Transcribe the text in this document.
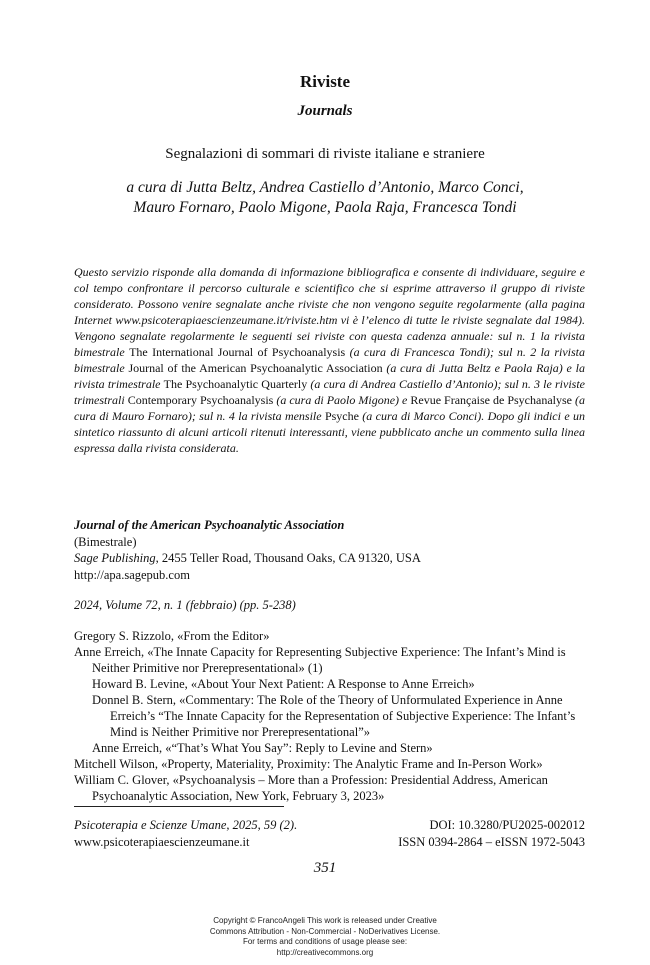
Riviste
Journals
Segnalazioni di sommari di riviste italiane e straniere
a cura di Jutta Beltz, Andrea Castiello d’Antonio, Marco Conci,
Mauro Fornaro, Paolo Migone, Paola Raja, Francesca Tondi
Questo servizio risponde alla domanda di informazione bibliografica e consente di individuare, seguire e col tempo confrontare il percorso culturale e scientifico che si esprime attraverso il gruppo di riviste considerato. Possono venire segnalate anche riviste che non vengono seguite regolarmente (alla pagina Internet www.psicoterapiaescienzeumane.it/riviste.htm vi è l’elenco di tutte le riviste segnalate dal 1984). Vengono segnalate regolarmente le seguenti sei riviste con questa cadenza annuale: sul n. 1 la rivista bimestrale The International Journal of Psychoanalysis (a cura di Francesca Tondi); sul n. 2 la rivista bimestrale Journal of the American Psychoanalytic Association (a cura di Jutta Beltz e Paola Raja) e la rivista trimestrale The Psychoanalytic Quarterly (a cura di Andrea Castiello d’Antonio); sul n. 3 le riviste trimestrali Contemporary Psychoanalysis (a cura di Paolo Migone) e Revue Française de Psychanalyse (a cura di Mauro Fornaro); sul n. 4 la rivista mensile Psyche (a cura di Marco Conci). Dopo gli indici e un sintetico riassunto di alcuni articoli ritenuti interessanti, viene pubblicato anche un commento sulla linea espressa dalla rivista considerata.
Journal of the American Psychoanalytic Association
(Bimestrale)
Sage Publishing, 2455 Teller Road, Thousand Oaks, CA 91320, USA
http://apa.sagepub.com
2024, Volume 72, n. 1 (febbraio) (pp. 5-238)
Gregory S. Rizzolo, «From the Editor»
Anne Erreich, «The Innate Capacity for Representing Subjective Experience: The Infant’s Mind is Neither Primitive nor Prerepresentational» (1)
Howard B. Levine, «About Your Next Patient: A Response to Anne Erreich»
Donnel B. Stern, «Commentary: The Role of the Theory of Unformulated Experience in Anne Erreich’s “The Innate Capacity for the Representation of Subjective Experience: The Infant’s Mind is Neither Primitive nor Prerepresentational”»
Anne Erreich, «“That’s What You Say”: Reply to Levine and Stern»
Mitchell Wilson, «Property, Materiality, Proximity: The Analytic Frame and In-Person Work»
William C. Glover, «Psychoanalysis – More than a Profession: Presidential Address, American Psychoanalytic Association, New York, February 3, 2023»
Psicoterapia e Scienze Umane, 2025, 59 (2).
www.psicoterapiaescienzeumane.it
DOI: 10.3280/PU2025-002012
ISSN 0394-2864 – eISSN 1972-5043
351
Copyright © FrancoAngeli This work is released under Creative
Commons Attribution - Non-Commercial - NoDerivatives License.
For terms and conditions of usage please see:
http://creativecommons.org
